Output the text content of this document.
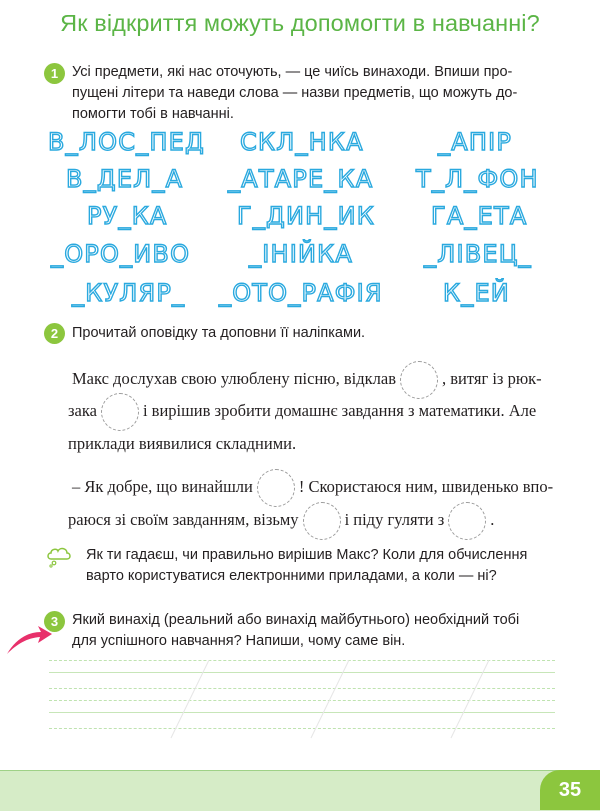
Як відкриття можуть допомогти в навчанні?
1 Усі предмети, які нас оточують, — це чиїсь винаходи. Впиши про-
пущені літери та наведи слова — назви предметів, що можуть до-
помогти тобі в навчанні.
В_ЛОС_ПЕД СКЛ_НКА	_АПІР
В_ДЕЛ_А _АТАРЕ_КА Т_Л_ФОН
РУ_КА	Г_ДИН_ИК ГА_ЕТА
_ОРО_ИВО _ІНІЙКА	_ЛІВЕЦ_
_КУЛЯР_ _ОТО_РАФІЯ	К_ЕЙ
2 Прочитай оповідку та доповни її наліпками.
Макс дослухав свою улюблену пісню, відклав	, витяг із рюк-
зака	і вирішив зробити домашнє завдання з математики. Але
приклади виявилися складними.
– Як добре, що винайшли	! Скористаюся ним, швиденько впо-
раюся зі своїм завданням, візьму	і піду гуляти з	.
Як ти гадаєш, чи правильно вирішив Макс? Коли для обчислення
варто користуватися електронними приладами, а коли — ні?
3 Який винахід (реальний або винахід майбутнього) необхідний тобі
для успішного навчання? Напиши, чому саме він.
35
